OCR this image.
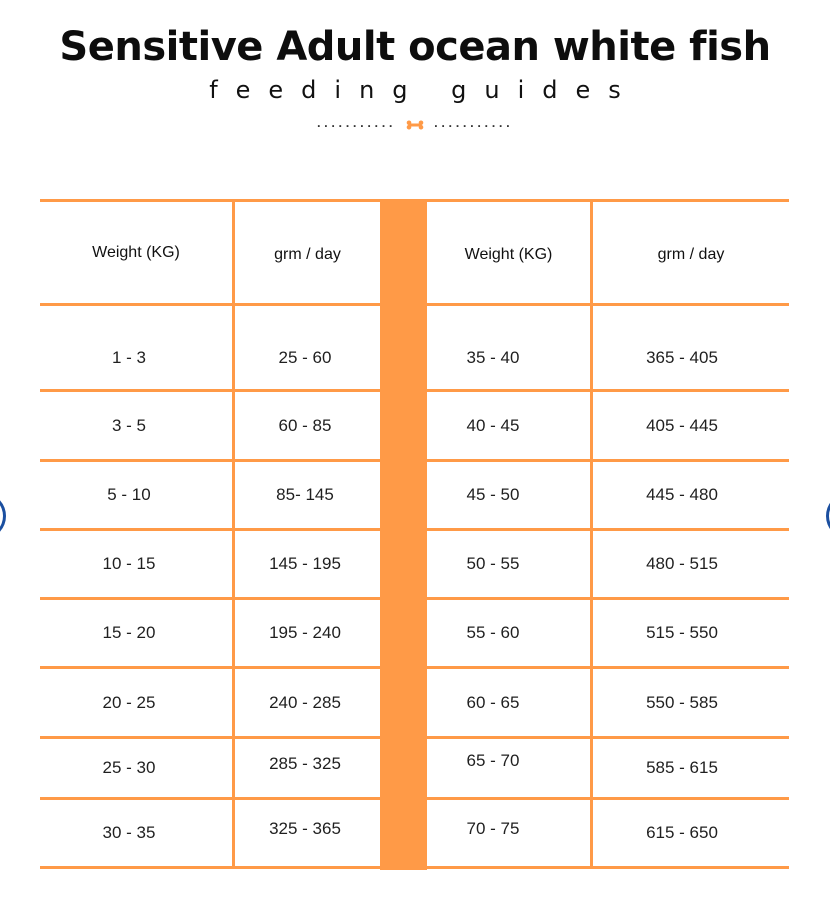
Sensitive Adult ocean white fish
feeding guides
...........	...........
Weight (KG)	grm / day	Weight (KG)	grm / day
1 - 3	25 - 60	35 - 40	365 - 405
3 - 5	60 - 85	40 - 45	405 - 445
5 - 10	85- 145	45 - 50	445 - 480
10 - 15	145 - 195	50 - 55	480 - 515
15 - 20	195 - 240	55 - 60	515 - 550
20 - 25	240 - 285	60 - 65	550 - 585
25 - 30	285 - 325	65 - 70	585 - 615
30 - 35	325 - 365	70 - 75	615 - 650
